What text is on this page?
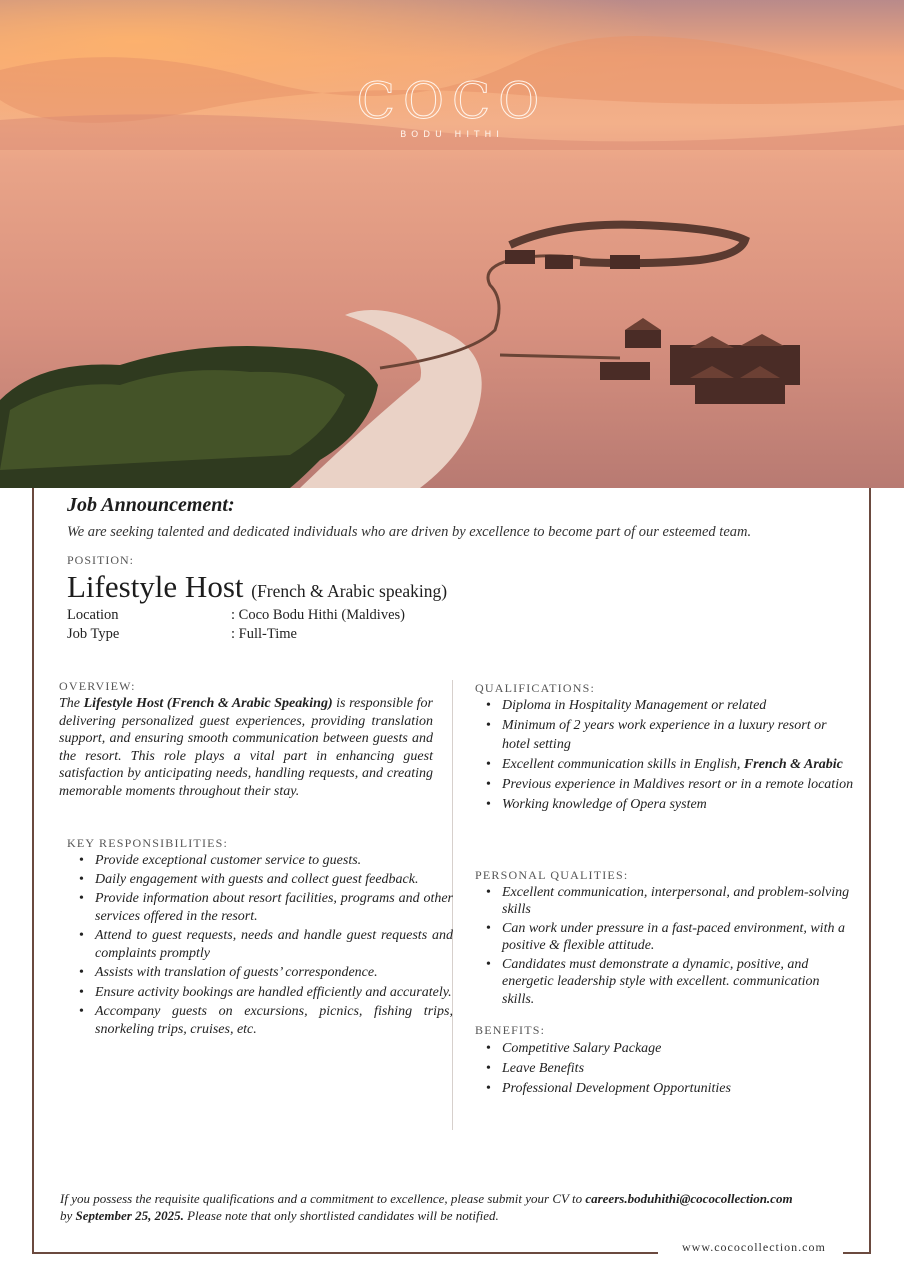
COCO
BODU HITHI
Job Announcement:
We are seeking talented and dedicated individuals who are driven by excellence to become part of our esteemed team.
POSITION:
Lifestyle Host (French & Arabic speaking)
Location	: Coco Bodu Hithi (Maldives)
Job Type	: Full-Time
OVERVIEW:
The Lifestyle Host (French & Arabic Speaking) is responsible for delivering personalized guest experiences, providing translation support, and ensuring smooth communication between guests and the resort. This role plays a vital part in enhancing guest satisfaction by anticipating needs, handling requests, and creating memorable moments throughout their stay.
KEY RESPONSIBILITIES:
• Provide exceptional customer service to guests.
• Daily engagement with guests and collect guest feedback.
• Provide information about resort facilities, programs and other services offered in the resort.
• Attend to guest requests, needs and handle guest requests and complaints promptly
• Assists with translation of guests’ correspondence.
• Ensure activity bookings are handled efficiently and accurately.
• Accompany guests on excursions, picnics, fishing trips, snorkeling trips, cruises, etc.
QUALIFICATIONS:
• Diploma in Hospitality Management or related
• Minimum of 2 years work experience in a luxury resort or hotel setting
• Excellent communication skills in English, French & Arabic
• Previous experience in Maldives resort or in a remote location
• Working knowledge of Opera system
PERSONAL QUALITIES:
• Excellent communication, interpersonal, and problem-solving skills
• Can work under pressure in a fast-paced environment, with a positive & flexible attitude.
• Candidates must demonstrate a dynamic, positive, and energetic leadership style with excellent. communication skills.
BENEFITS:
• Competitive Salary Package
• Leave Benefits
• Professional Development Opportunities
If you possess the requisite qualifications and a commitment to excellence, please submit your CV to careers.boduhithi@cococollection.com
by September 25, 2025. Please note that only shortlisted candidates will be notified.
www.cococollection.com
